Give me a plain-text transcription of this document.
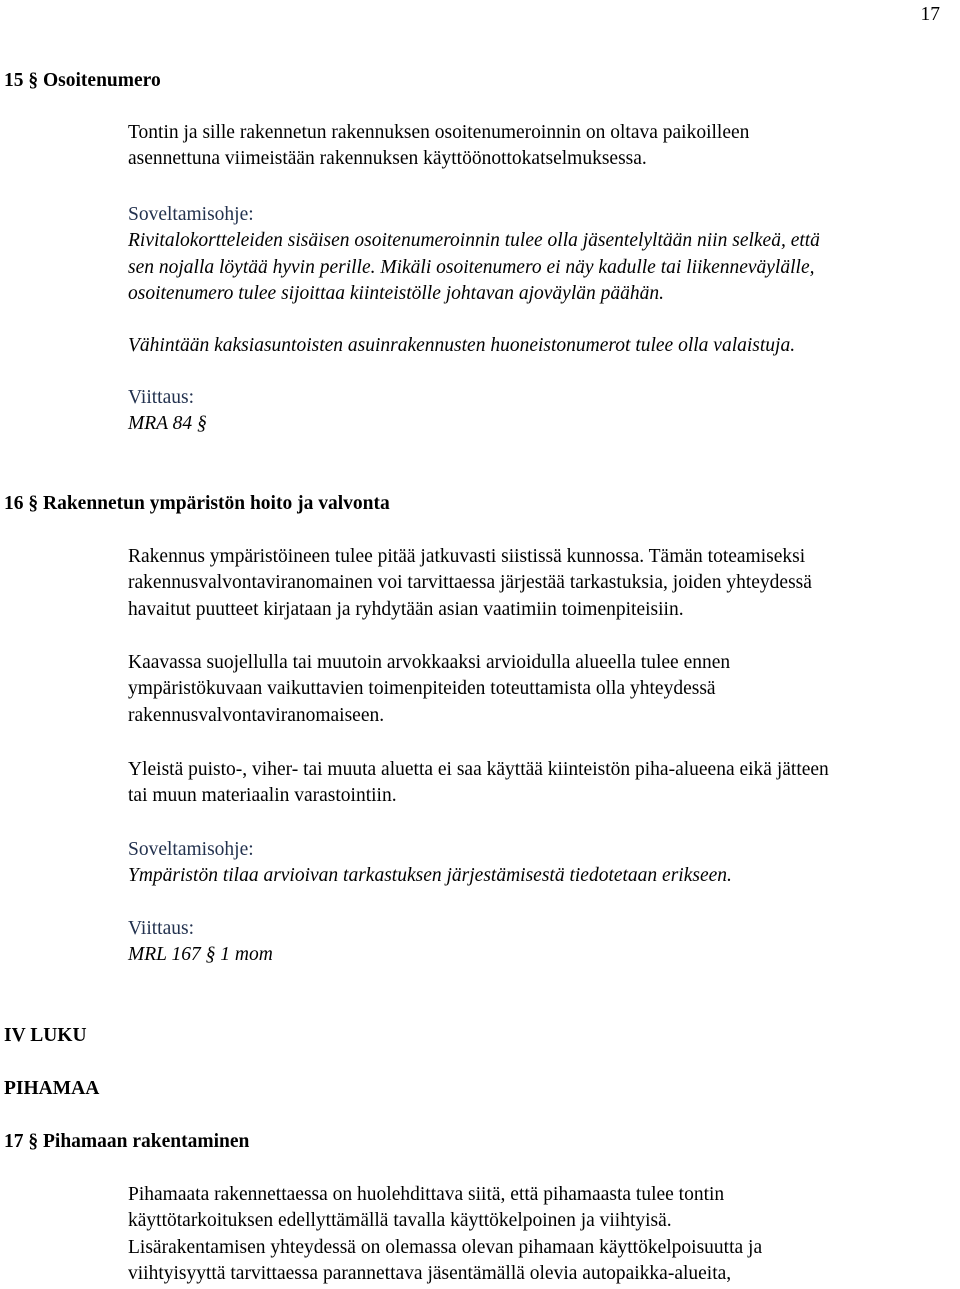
17
15 § Osoitenumero
Tontin ja sille rakennetun rakennuksen osoitenumeroinnin on oltava paikoilleen
asennettuna viimeistään rakennuksen käyttöönottokatselmuksessa.
Soveltamisohje:
Rivitalokortteleiden sisäisen osoitenumeroinnin tulee olla jäsentelyltään niin selkeä, että
sen nojalla löytää hyvin perille. Mikäli osoitenumero ei näy kadulle tai liikenneväylälle,
osoitenumero tulee sijoittaa kiinteistölle johtavan ajoväylän päähän.
Vähintään kaksiasuntoisten asuinrakennusten huoneistonumerot tulee olla valaistuja.
Viittaus:
MRA 84 §
16 § Rakennetun ympäristön hoito ja valvonta
Rakennus ympäristöineen tulee pitää jatkuvasti siistissä kunnossa. Tämän toteamiseksi
rakennusvalvontaviranomainen voi tarvittaessa järjestää tarkastuksia, joiden yhteydessä
havaitut puutteet kirjataan ja ryhdytään asian vaatimiin toimenpiteisiin.
Kaavassa suojellulla tai muutoin arvokkaaksi arvioidulla alueella tulee ennen
ympäristökuvaan vaikuttavien toimenpiteiden toteuttamista olla yhteydessä
rakennusvalvontaviranomaiseen.
Yleistä puisto-, viher- tai muuta aluetta ei saa käyttää kiinteistön piha-alueena eikä jätteen
tai muun materiaalin varastointiin.
Soveltamisohje:
Ympäristön tilaa arvioivan tarkastuksen järjestämisestä tiedotetaan erikseen.
Viittaus:
MRL 167 § 1 mom
IV LUKU
PIHAMAA
17 § Pihamaan rakentaminen
Pihamaata rakennettaessa on huolehdittava siitä, että pihamaasta tulee tontin
käyttötarkoituksen edellyttämällä tavalla käyttökelpoinen ja viihtyisä.
Lisärakentamisen yhteydessä on olemassa olevan pihamaan käyttökelpoisuutta ja
viihtyisyyttä tarvittaessa parannettava jäsentämällä olevia autopaikka-alueita,
